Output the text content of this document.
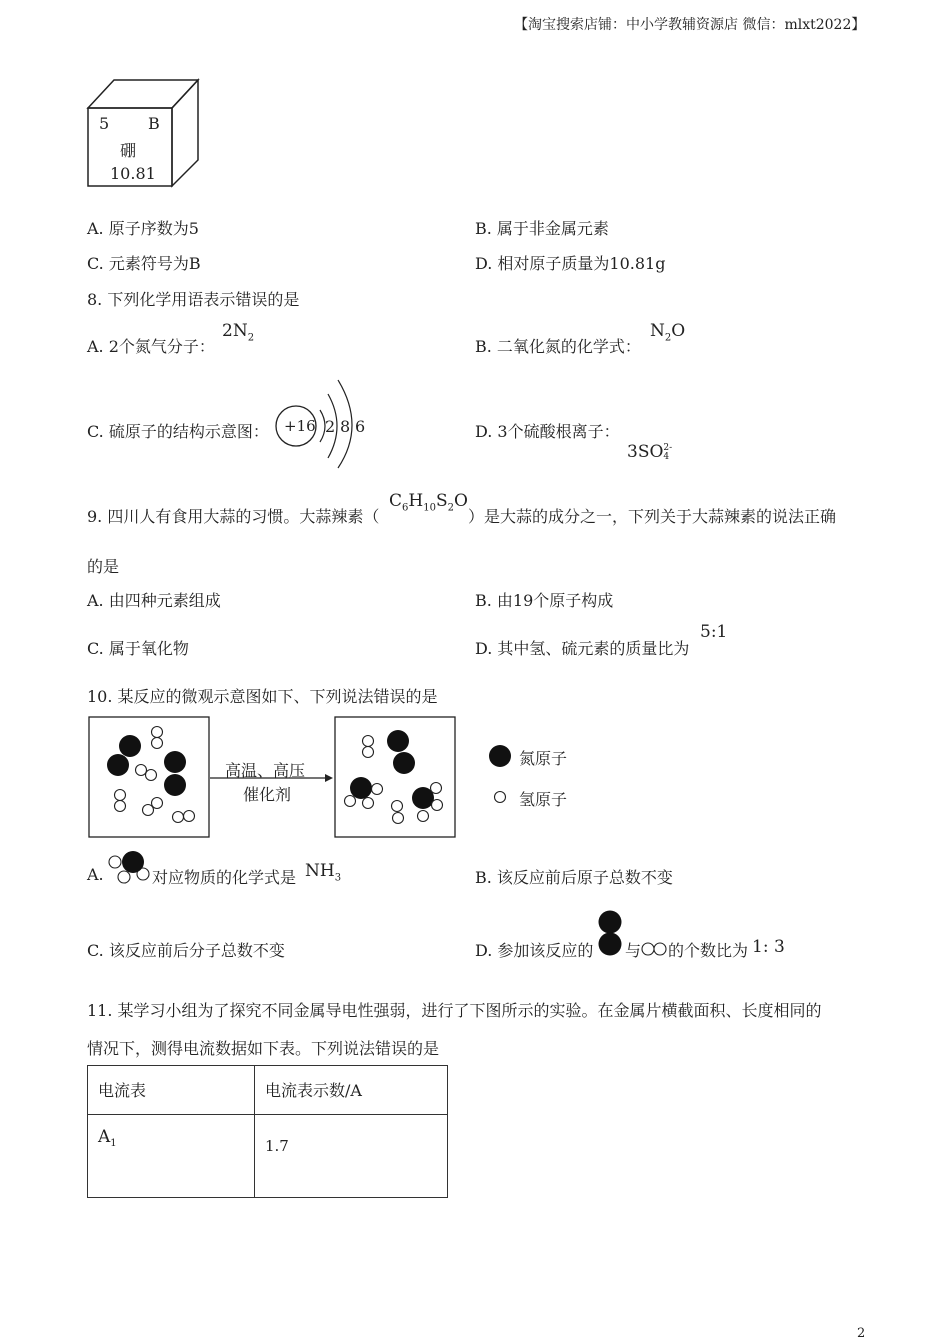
【淘宝搜索店铺：中小学教辅资源店 微信：mlxt2022】
5 B
硼
10.81
A. 原子序数为5	B. 属于非金属元素
C. 元素符号为B	D. 相对原子质量为10.81g
8. 下列化学用语表示错误的是
A. 2个氮气分子：
$2N_2$	B. 二氧化氮的化学式：
$N_2O$
C. 硫原子的结构示意图： +16 2 8 6	D. 3个硫酸根离子：
3SO 2-
4
9. 四川人有食用大蒜的习惯。大蒜辣素（
$C_6H_{10}S_2O$
）是大蒜的成分之一，下列关于大蒜辣素的说法正确
的是
A. 由四种元素组成	B. 由19个原子构成
C. 属于氧化物	D. 其中氢、硫元素的质量比为
5:1
10. 某反应的微观示意图如下、下列说法错误的是
高温、高压
催化剂
氮原子
氢原子
A.	对应物质的化学式是 $NH_3$	B. 该反应前后原子总数不变
C. 该反应前后分子总数不变	D. 参加该反应的 与 的个数比为 1: 3
11. 某学习小组为了探究不同金属导电性强弱，进行了下图所示的实验。在金属片横截面积、长度相同的
情况下，测得电流数据如下表。下列说法错误的是
电流表	电流表示数/A
$A_1$	1.7
2
